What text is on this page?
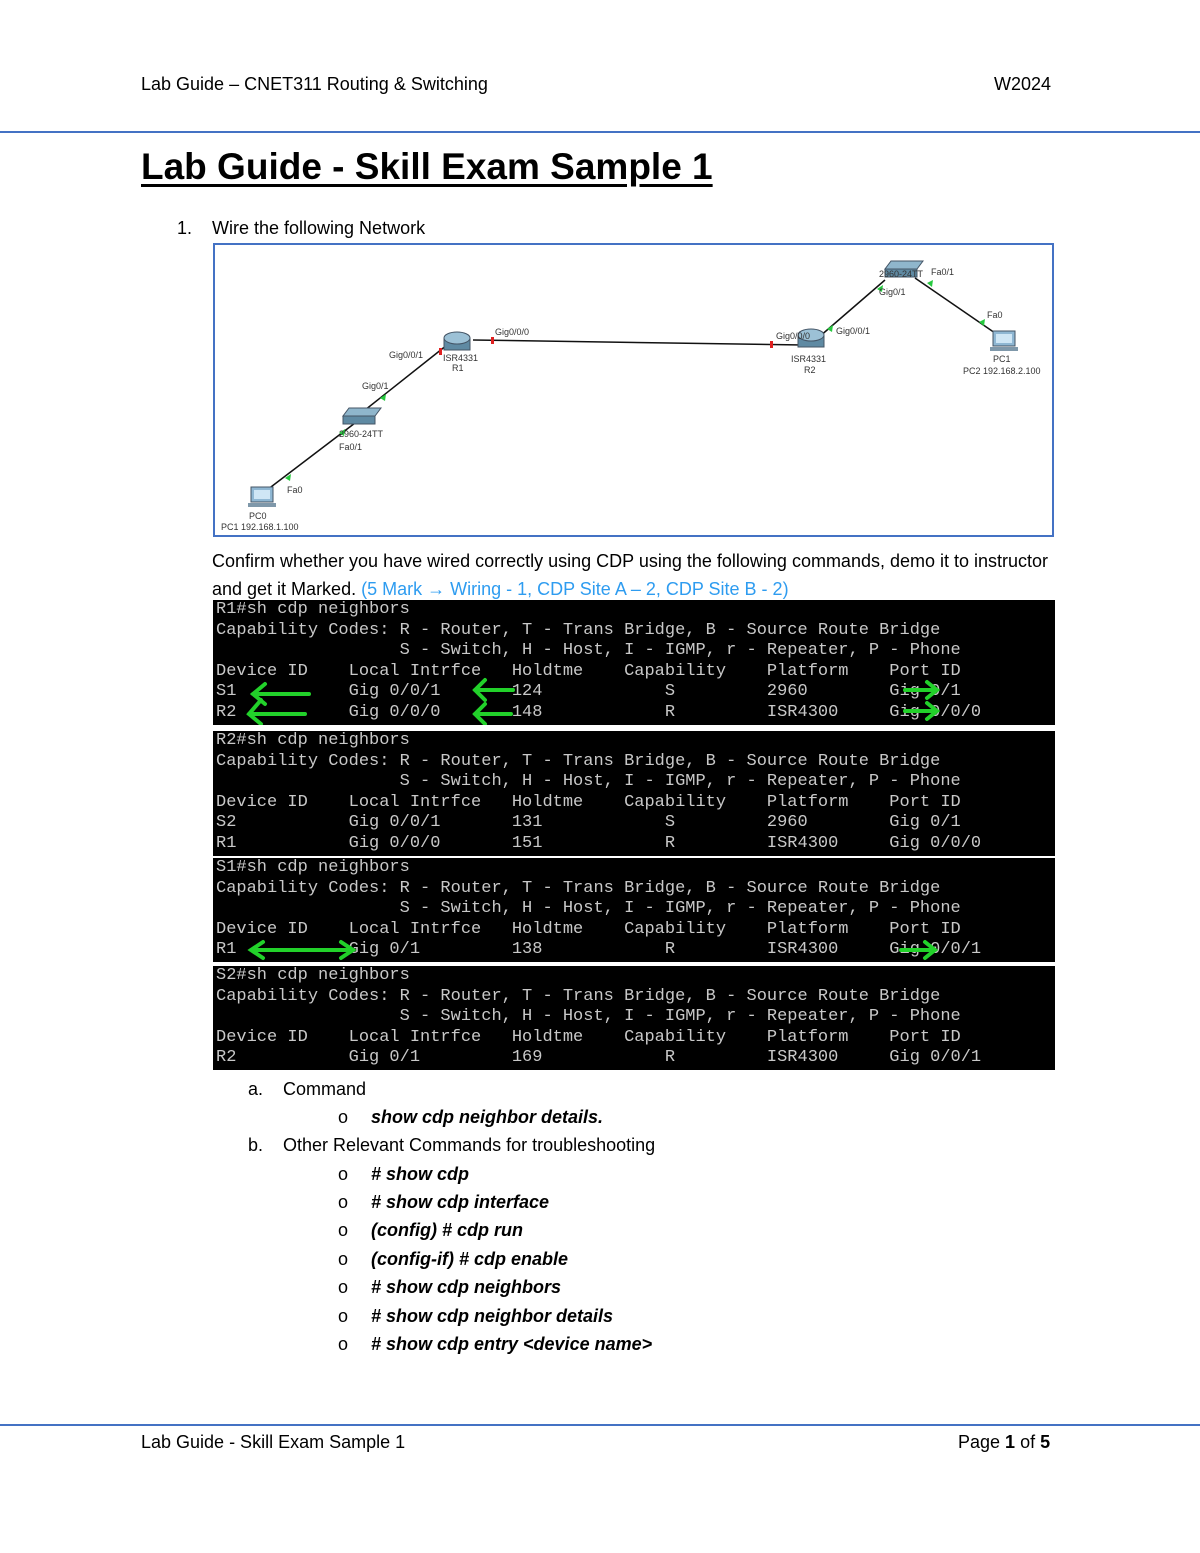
Lab Guide – CNET311 Routing & Switching	W2024
Lab Guide - Skill Exam Sample 1
1. Wire the following Network
Gig0/0/0
Gig0/0/1 ISR4331
R1
Gig0/1
2960-24TT
Fa0/1
Fa0
PC0
PC1 192.168.1.100
Gig0/0/0	Gig0/0/1
ISR4331
R2
2960-24TT
Gig0/1
Fa0/1
Fa0
PC1
PC2 192.168.2.100
Confirm whether you have wired correctly using CDP using the following commands, demo it to instructor and get it Marked. (5 Mark → Wiring - 1, CDP Site A – 2, CDP Site B - 2)
R1#sh cdp neighbors
Capability Codes: R - Router, T - Trans Bridge, B - Source Route Bridge
S - Switch, H - Host, I - IGMP, r - Repeater, P - Phone
Device ID    Local Intrfce   Holdtme    Capability    Platform    Port ID
S1           Gig 0/0/1       124            S         2960        Gig 0/1
R2           Gig 0/0/0       148            R         ISR4300     Gig 0/0/0
R2#sh cdp neighbors
Capability Codes: R - Router, T - Trans Bridge, B - Source Route Bridge
S - Switch, H - Host, I - IGMP, r - Repeater, P - Phone
Device ID    Local Intrfce   Holdtme    Capability    Platform    Port ID
S2           Gig 0/0/1       131            S         2960        Gig 0/1
R1           Gig 0/0/0       151            R         ISR4300     Gig 0/0/0
S1#sh cdp neighbors
Capability Codes: R - Router, T - Trans Bridge, B - Source Route Bridge
S - Switch, H - Host, I - IGMP, r - Repeater, P - Phone
Device ID    Local Intrfce   Holdtme    Capability    Platform    Port ID
R1           Gig 0/1         138            R         ISR4300     Gig 0/0/1
S2#sh cdp neighbors
Capability Codes: R - Router, T - Trans Bridge, B - Source Route Bridge
S - Switch, H - Host, I - IGMP, r - Repeater, P - Phone
Device ID    Local Intrfce   Holdtme    Capability    Platform    Port ID
R2           Gig 0/1         169            R         ISR4300     Gig 0/0/1
a. Command
o show cdp neighbor details.
b. Other Relevant Commands for troubleshooting
o # show cdp
o # show cdp interface
o (config) # cdp run
o (config-if) # cdp enable
o # show cdp neighbors
o # show cdp neighbor details
o # show cdp entry <device name>
Lab Guide - Skill Exam Sample 1	Page 1 of 5
